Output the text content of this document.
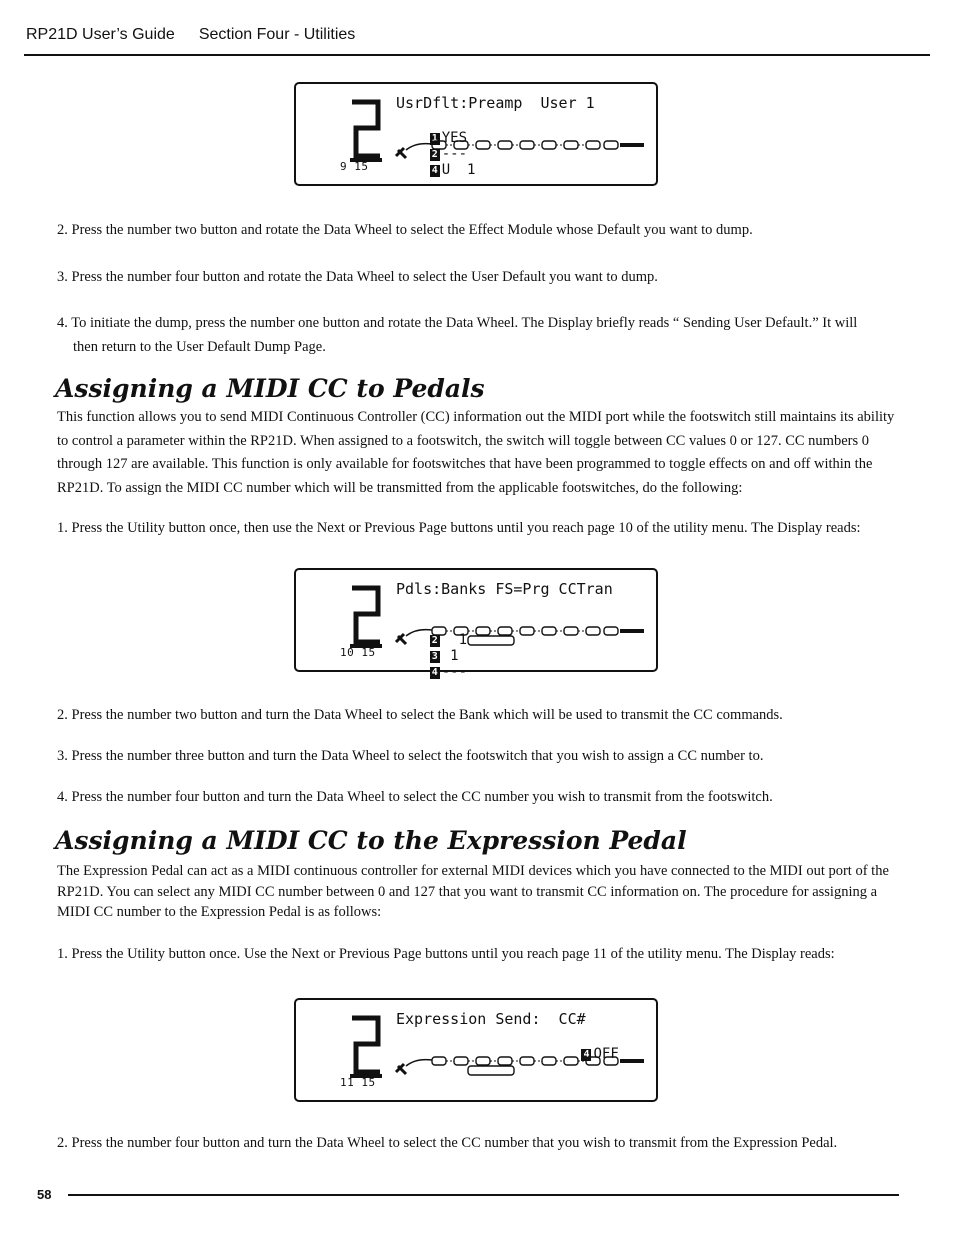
RP21D User’s Guide Section Four - Utilities
9 15
UsrDflt:Preamp  User 1

1 YES
2 ---
4 U  1

2. Press the number two button and rotate the Data Wheel to select the Effect Module whose Default you want to dump.

3. Press the number four button and rotate the Data Wheel to select the User Default you want to dump.

4. To initiate the dump, press the number one button and rotate the Data Wheel. The Display briefly reads “ Sending User Default.” It will
then return to the User Default Dump Page.

Assigning a MIDI CC to Pedals

This function allows you to send MIDI Continuous Controller (CC) information out the MIDI port while the footswitch still maintains its ability to control a parameter within the RP21D. When assigned to a footswitch, the switch will toggle between CC values 0 or 127. CC numbers 0 through 127 are available. This function is only available for footswitches that have been programmed to toggle effects on and off within the RP21D. To assign the MIDI CC number which will be transmitted from the applicable footswitches, do the following:

1. Press the Utility button once, then use the Next or Previous Page buttons until you reach page 10 of the utility menu. The Display reads:

10 15
Pdls:Banks FS=Prg CCTran

2  1
3 1
4 ---

2. Press the number two button and turn the Data Wheel to select the Bank which will be used to transmit the CC commands.

3. Press the number three button and turn the Data Wheel to select the footswitch that you wish to assign a CC number to.

4. Press the number four button and turn the Data Wheel to select the CC number you wish to transmit from the footswitch.

Assigning a MIDI CC to the Expression Pedal

The Expression Pedal can act as a MIDI continuous controller for external MIDI devices which you have connected to the MIDI out port of the RP21D. You can select any MIDI CC number between 0 and 127 that you want to transmit CC information on. The procedure for assigning a MIDI CC number to the Expression Pedal is as follows:

1. Press the Utility button once. Use the Next or Previous Page buttons until you reach page 11 of the utility menu. The Display reads:

11 15
Expression Send:  CC#

4 OFF

2. Press the number four button and turn the Data Wheel to select the CC number that you wish to transmit from the Expression Pedal.

58
